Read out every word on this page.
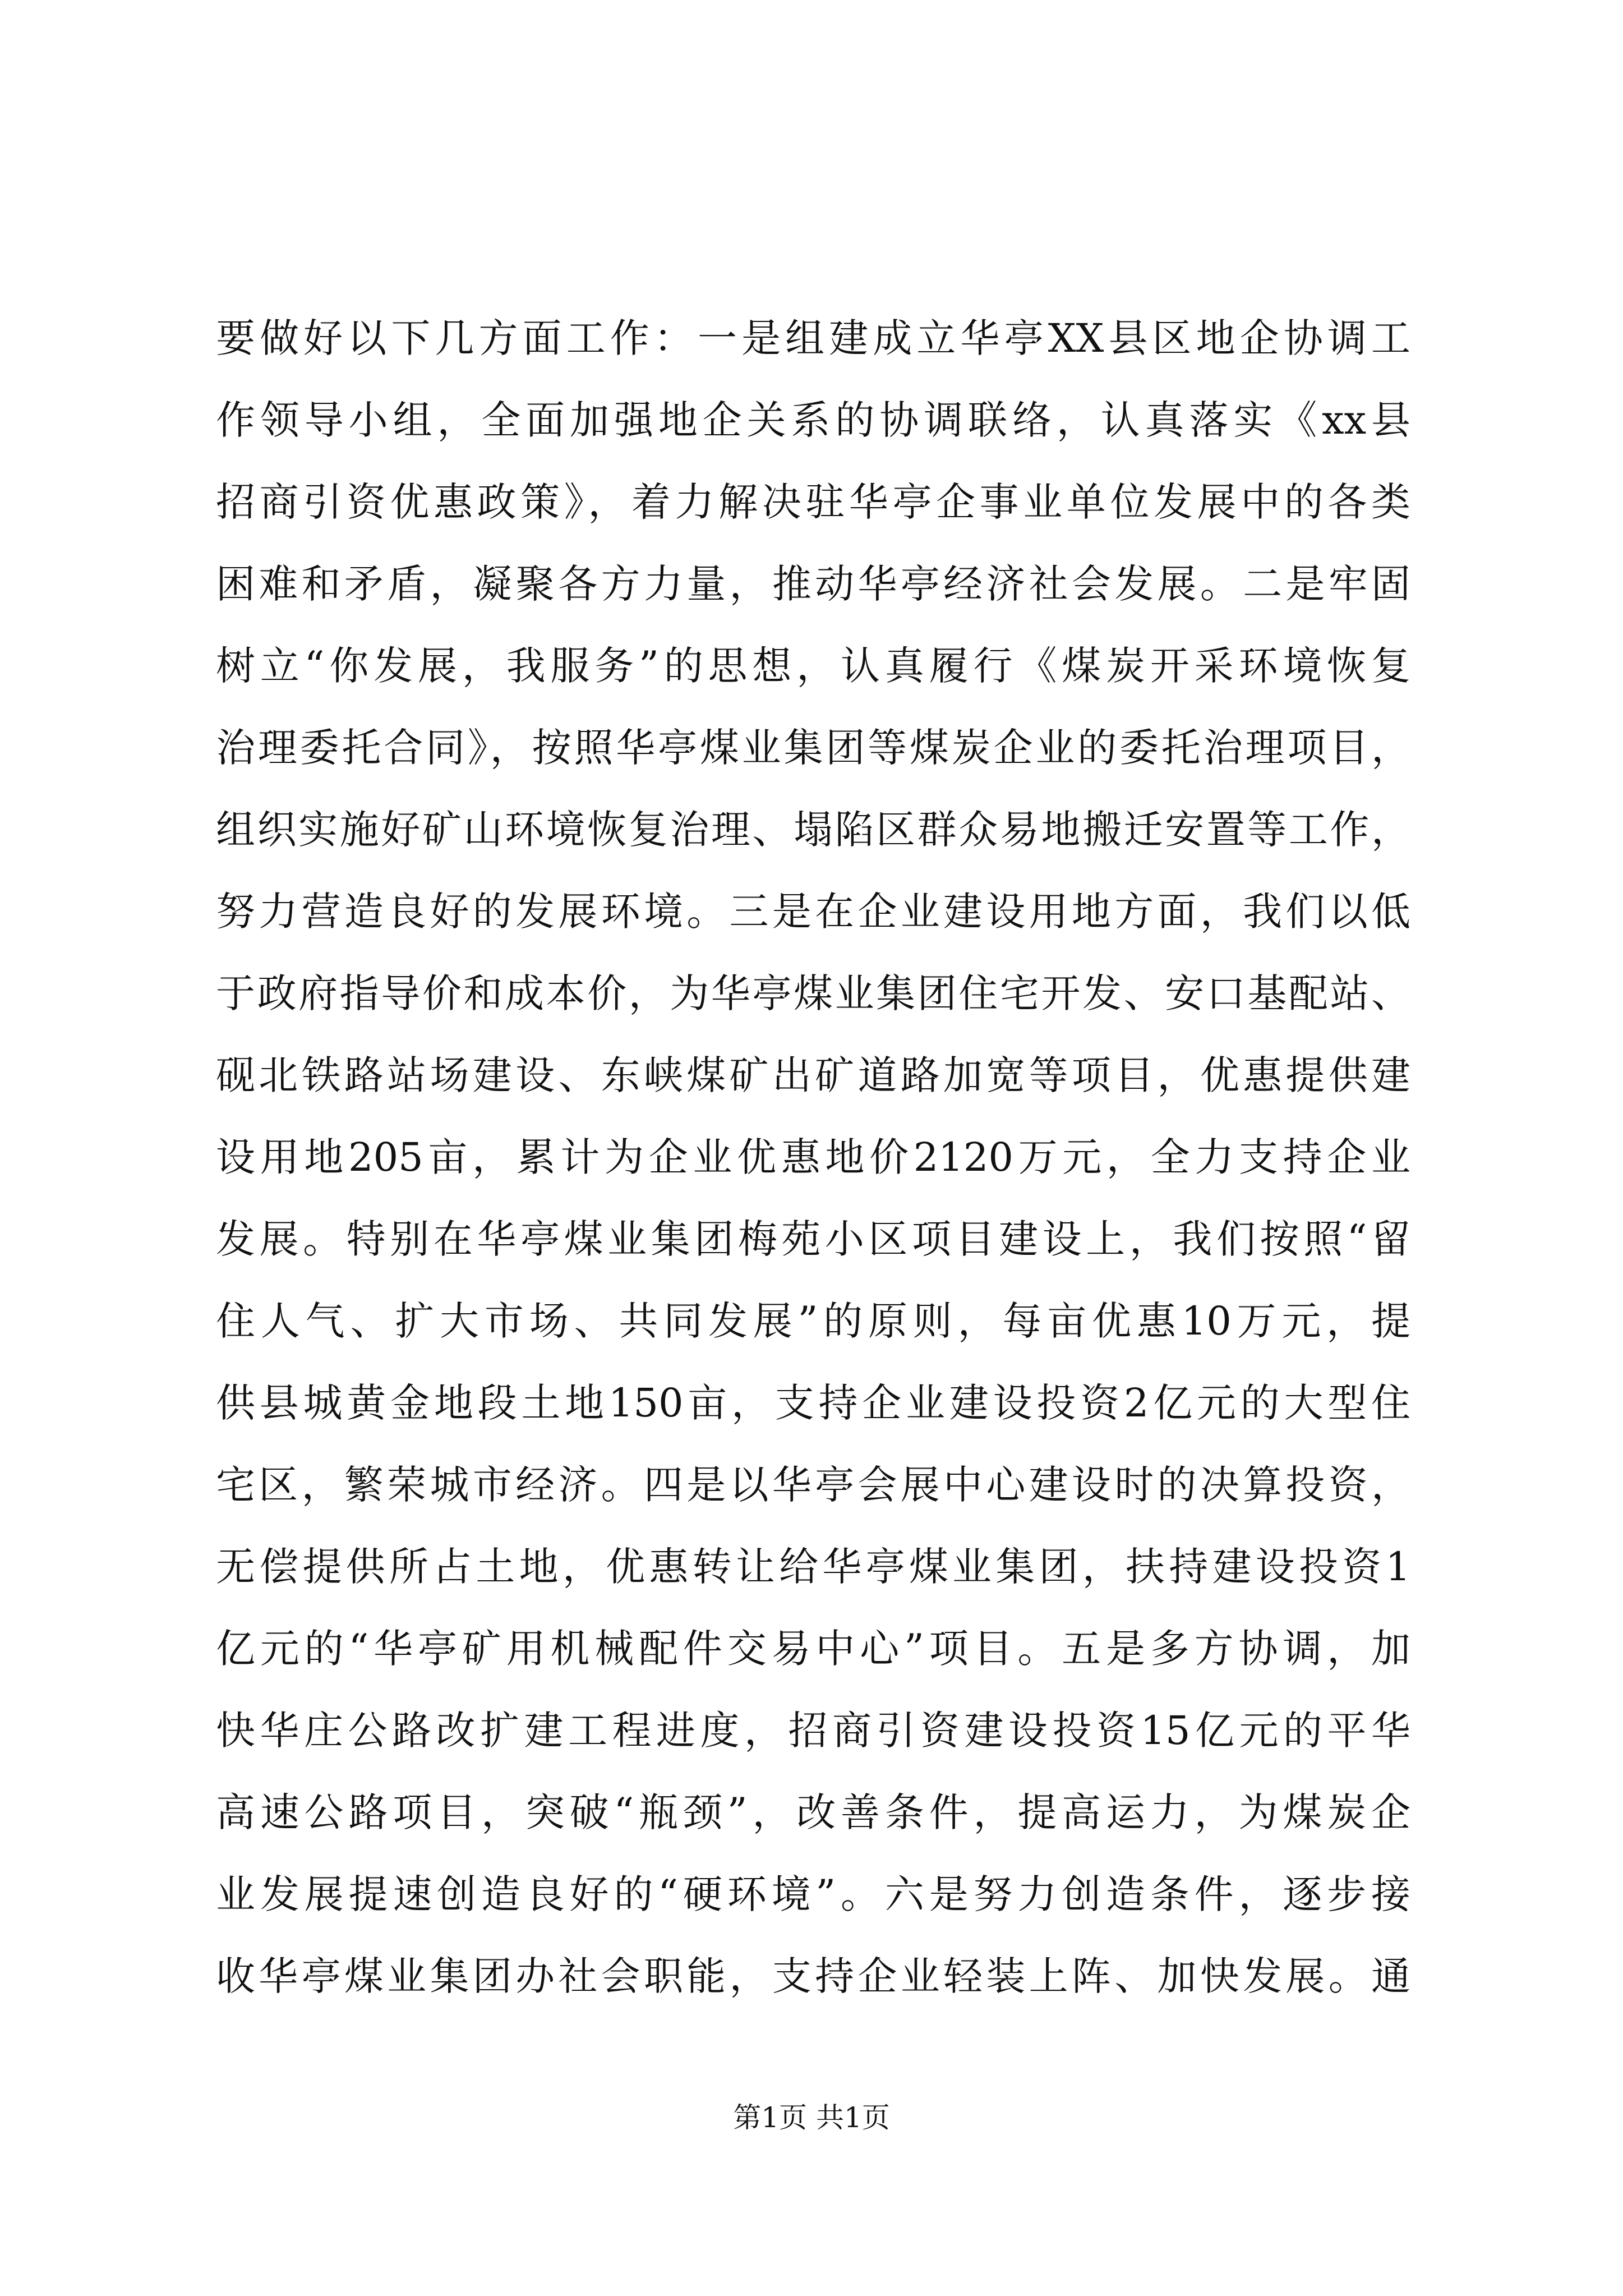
要做好以下几方面工作：一是组建成立华亭XX县区地企协调工
作领导小组，全面加强地企关系的协调联络，认真落实《xx县
招商引资优惠政策》，着力解决驻华亭企事业单位发展中的各类
困难和矛盾，凝聚各方力量，推动华亭经济社会发展。二是牢固
树立“你发展，我服务”的思想，认真履行《煤炭开采环境恢复
治理委托合同》，按照华亭煤业集团等煤炭企业的委托治理项目，
组织实施好矿山环境恢复治理、塌陷区群众易地搬迁安置等工作，
努力营造良好的发展环境。三是在企业建设用地方面，我们以低
于政府指导价和成本价，为华亭煤业集团住宅开发、安口基配站、
砚北铁路站场建设、东峡煤矿出矿道路加宽等项目，优惠提供建
设用地205亩，累计为企业优惠地价2120万元，全力支持企业
发展。特别在华亭煤业集团梅苑小区项目建设上，我们按照“留
住人气、扩大市场、共同发展”的原则，每亩优惠10万元，提
供县城黄金地段土地150亩，支持企业建设投资2亿元的大型住
宅区，繁荣城市经济。四是以华亭会展中心建设时的决算投资，
无偿提供所占土地，优惠转让给华亭煤业集团，扶持建设投资1
亿元的“华亭矿用机械配件交易中心”项目。五是多方协调，加
快华庄公路改扩建工程进度，招商引资建设投资15亿元的平华
高速公路项目，突破“瓶颈”，改善条件，提高运力，为煤炭企
业发展提速创造良好的“硬环境”。六是努力创造条件，逐步接
收华亭煤业集团办社会职能，支持企业轻装上阵、加快发展。通
第1页 共1页
